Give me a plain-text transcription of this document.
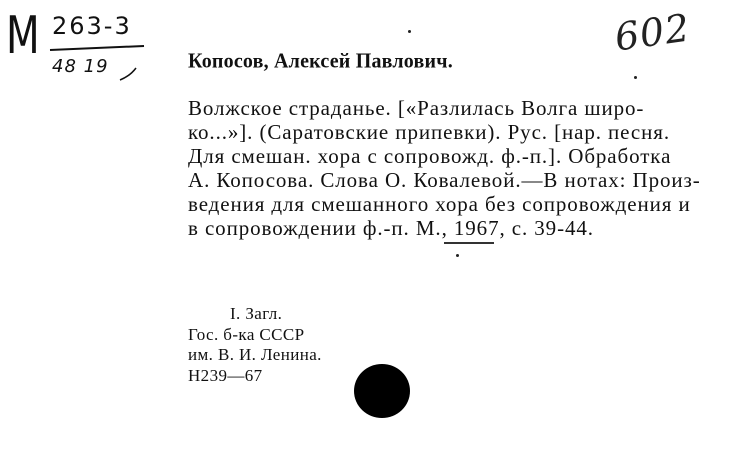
M 263-3
48 19
602
Копосов, Алексей Павлович.
Волжское страданье. [«Разлилась Волга широ-
ко...»]. (Саратовские припевки). Рус. [нар. песня.
Для смешан. хора с сопровожд. ф.-п.]. Обработка
А. Копосова. Слова О. Ковалевой.—В нотах: Произ-
ведения для смешанного хора без сопровождения и
в сопровождении ф.-п. М., 1967, с. 39-44.
I. Загл.
Гос. б-ка СССР
им. В. И. Ленина.
Н239—67
